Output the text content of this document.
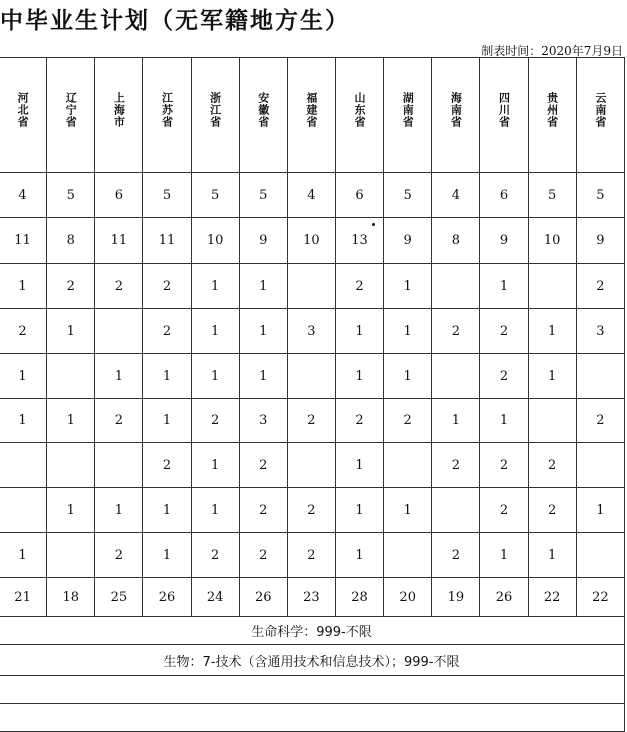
中毕业生计划（无军籍地方生）
制表时间：2020年7月9日
河北省	辽宁省	上海市	江苏省	浙江省	安徽省	福建省	山东省	湖南省	海南省	四川省	贵州省	云南省
4	5	6	5	5	5	4	6	5	4	6	5	5
11	8	11	11	10	9	10	13	9	8	9	10	9
1	2	2	2	1	1		2	1		1		2
2	1		2	1	1	3	1	1	2	2	1	3
1		1	1	1	1		1	1		2	1	
1	1	2	1	2	3	2	2	2	1	1		2
			2	1	2		1		2	2	2	
	1	1	1	1	2	2	1	1		2	2	1
1		2	1	2	2	2	1		2	1	1	
21	18	25	26	24	26	23	28	20	19	26	22	22
生命科学：999-不限												
生物：7-技术（含通用技术和信息技术）；999-不限												
